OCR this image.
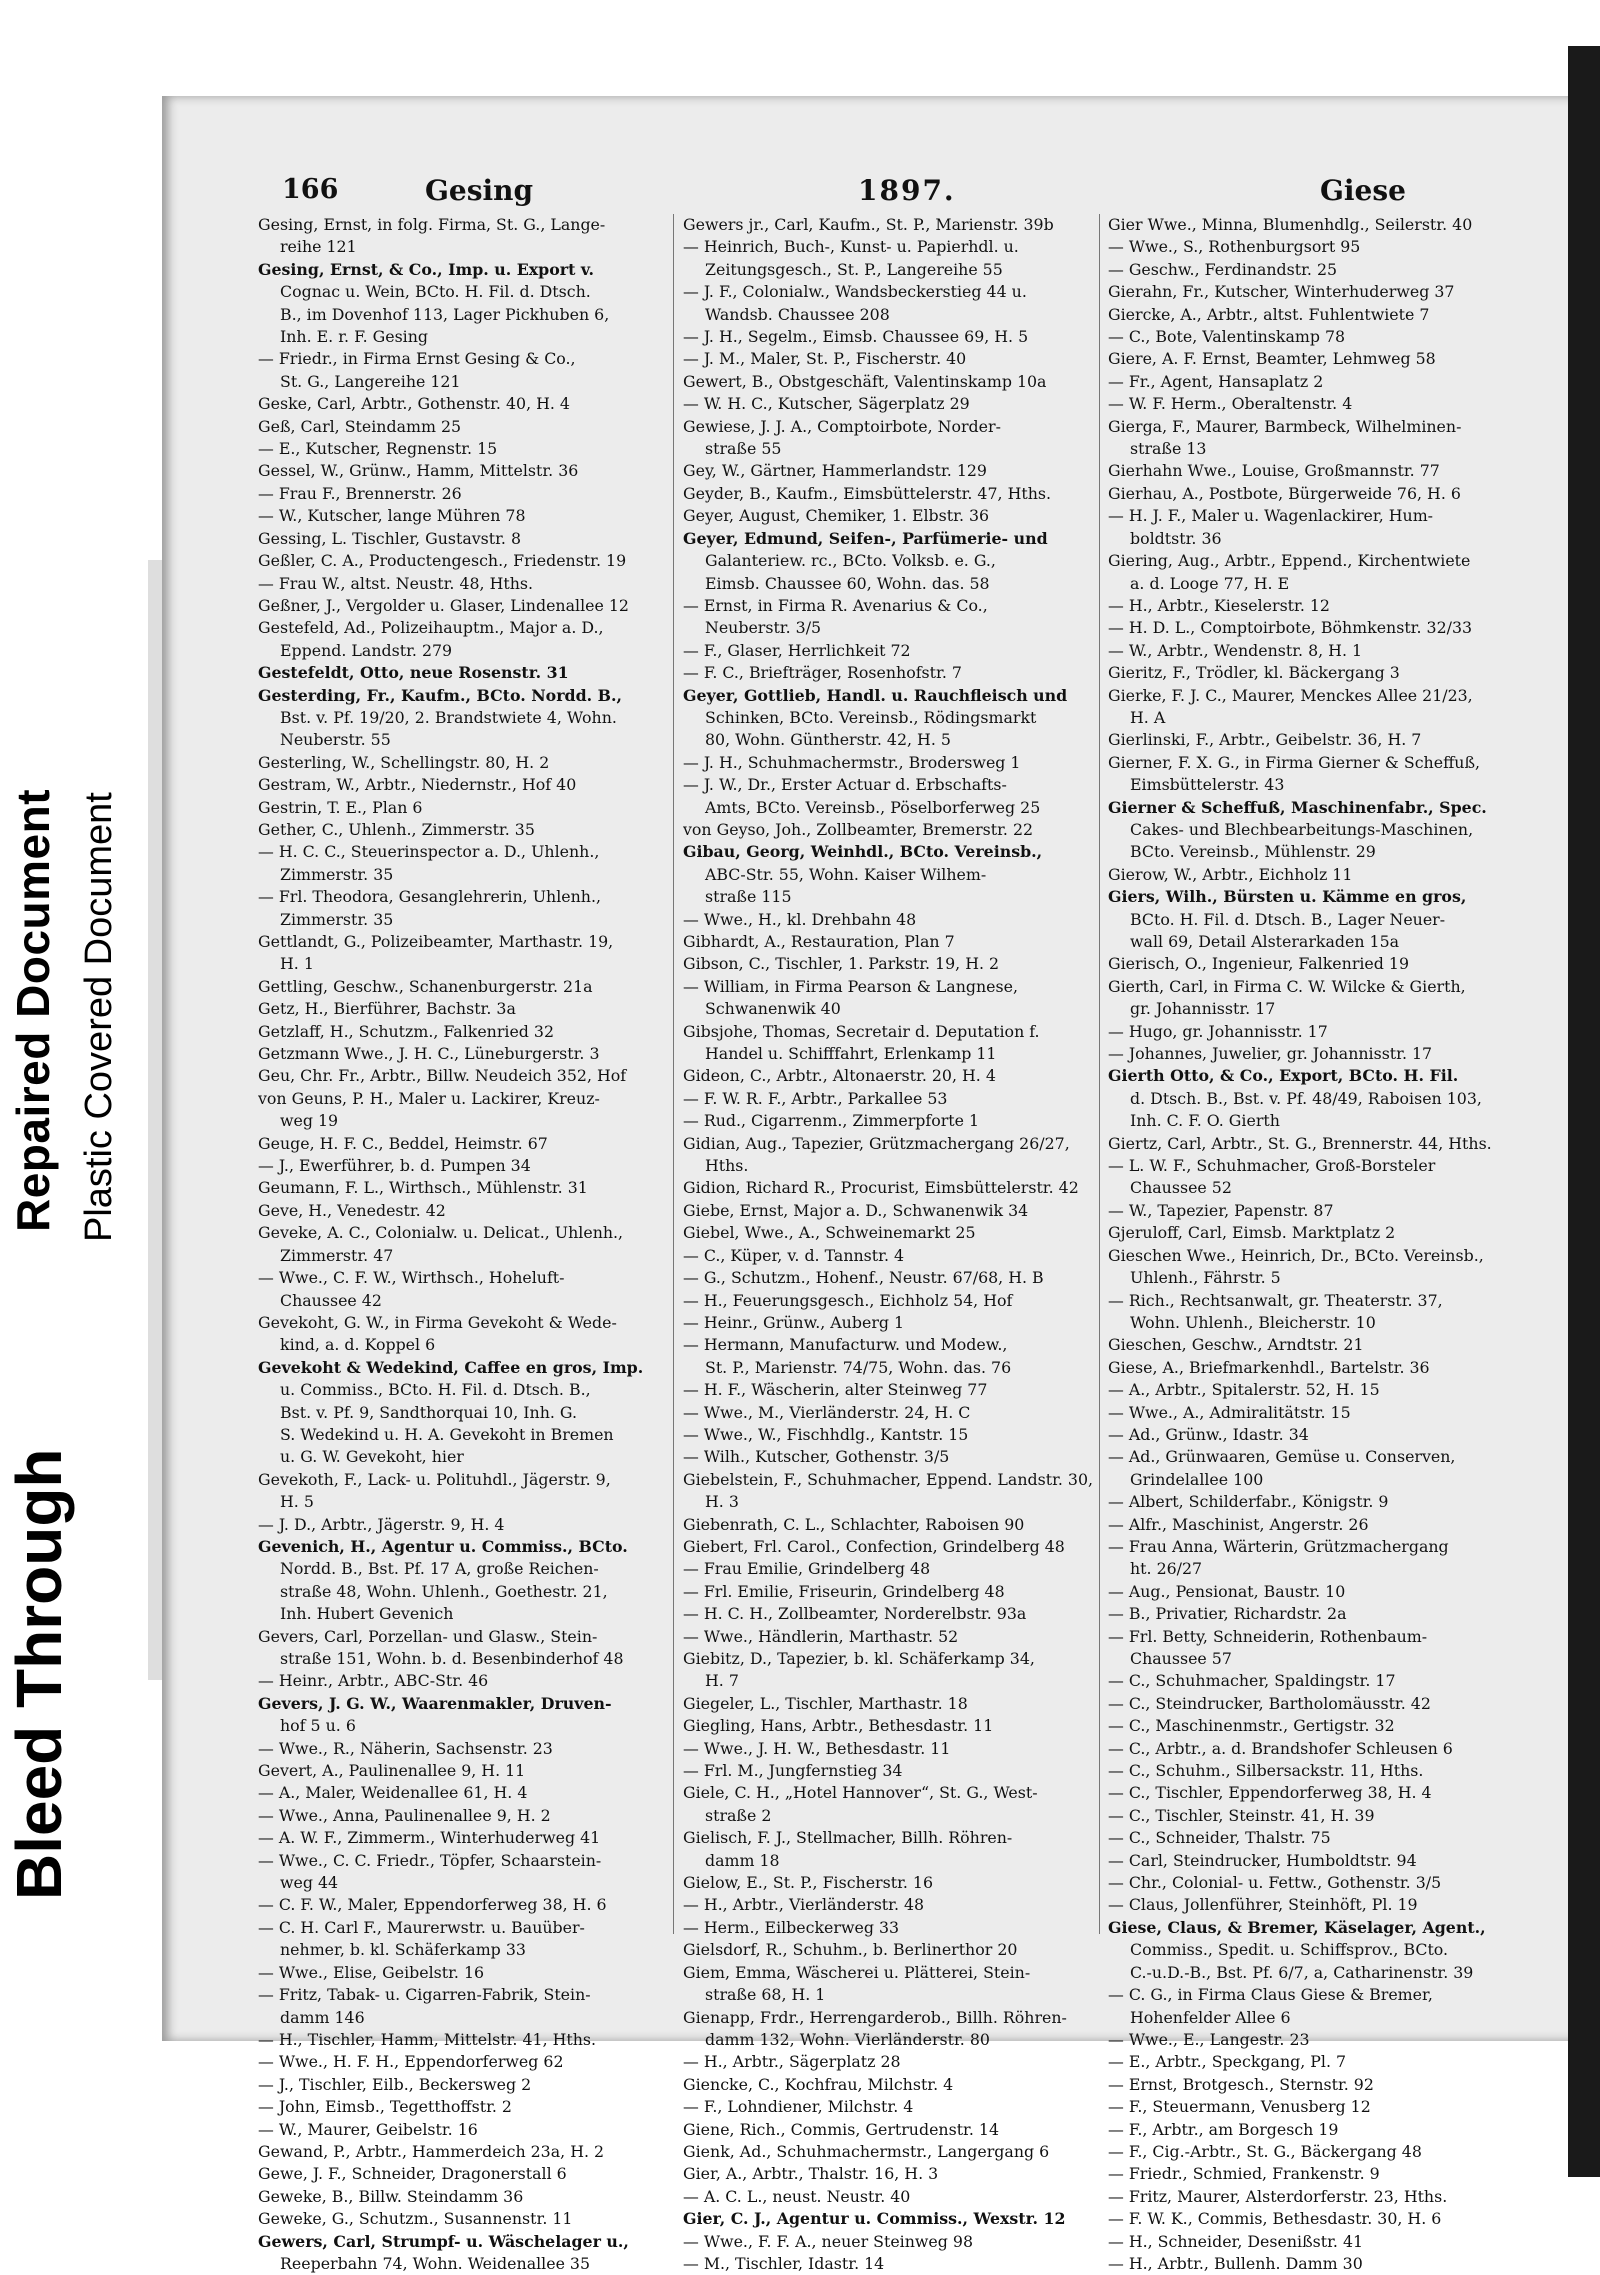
Bleed Through
Repaired Document Plastic Covered Document
166	Gesing	1897.	Giese
Gesing, Ernst, in folg. Firma, St. G., Lange-
reihe 121
Gesing, Ernst, & Co., Imp. u. Export v.
Cognac u. Wein, BCto. H. Fil. d. Dtsch.
B., im Dovenhof 113, Lager Pickhuben 6,
Inh. E. r. F. Gesing
— Friedr., in Firma Ernst Gesing & Co.,
St. G., Langereihe 121
Geske, Carl, Arbtr., Gothenstr. 40, H. 4
Geß, Carl, Steindamm 25
— E., Kutscher, Regnenstr. 15
Gessel, W., Grünw., Hamm, Mittelstr. 36
— Frau F., Brennerstr. 26
— W., Kutscher, lange Mühren 78
Gessing, L. Tischler, Gustavstr. 8
Geßler, C. A., Productengesch., Friedenstr. 19
— Frau W., altst. Neustr. 48, Hths.
Geßner, J., Vergolder u. Glaser, Lindenallee 12
Gestefeld, Ad., Polizeihauptm., Major a. D.,
Eppend. Landstr. 279
Gestefeldt, Otto, neue Rosenstr. 31
Gesterding, Fr., Kaufm., BCto. Nordd. B.,
Bst. v. Pf. 19/20, 2. Brandstwiete 4, Wohn.
Neuberstr. 55
Gesterling, W., Schellingstr. 80, H. 2
Gestram, W., Arbtr., Niedernstr., Hof 40
Gestrin, T. E., Plan 6
Gether, C., Uhlenh., Zimmerstr. 35
— H. C. C., Steuerinspector a. D., Uhlenh.,
Zimmerstr. 35
— Frl. Theodora, Gesanglehrerin, Uhlenh.,
Zimmerstr. 35
Gettlandt, G., Polizeibeamter, Marthastr. 19,
H. 1
Gettling, Geschw., Schanenburgerstr. 21a
Getz, H., Bierführer, Bachstr. 3a
Getzlaff, H., Schutzm., Falkenried 32
Getzmann Wwe., J. H. C., Lüneburgerstr. 3
Geu, Chr. Fr., Arbtr., Billw. Neudeich 352, Hof
von Geuns, P. H., Maler u. Lackirer, Kreuz-
weg 19
Geuge, H. F. C., Beddel, Heimstr. 67
— J., Ewerführer, b. d. Pumpen 34
Geumann, F. L., Wirthsch., Mühlenstr. 31
Geve, H., Venedestr. 42
Geveke, A. C., Colonialw. u. Delicat., Uhlenh.,
Zimmerstr. 47
— Wwe., C. F. W., Wirthsch., Hoheluft-
Chaussee 42
Gevekoht, G. W., in Firma Gevekoht & Wede-
kind, a. d. Koppel 6
Gevekoht & Wedekind, Caffee en gros, Imp.
u. Commiss., BCto. H. Fil. d. Dtsch. B.,
Bst. v. Pf. 9, Sandthorquai 10, Inh. G.
S. Wedekind u. H. A. Gevekoht in Bremen
u. G. W. Gevekoht, hier
Gevekoth, F., Lack- u. Polituhdl., Jägerstr. 9,
H. 5
— J. D., Arbtr., Jägerstr. 9, H. 4
Gevenich, H., Agentur u. Commiss., BCto.
Nordd. B., Bst. Pf. 17 A, große Reichen-
straße 48, Wohn. Uhlenh., Goethestr. 21,
Inh. Hubert Gevenich
Gevers, Carl, Porzellan- und Glasw., Stein-
straße 151, Wohn. b. d. Besenbinderhof 48
— Heinr., Arbtr., ABC-Str. 46
Gevers, J. G. W., Waarenmakler, Druven-
hof 5 u. 6
— Wwe., R., Näherin, Sachsenstr. 23
Gevert, A., Paulinenallee 9, H. 11
— A., Maler, Weidenallee 61, H. 4
— Wwe., Anna, Paulinenallee 9, H. 2
— A. W. F., Zimmerm., Winterhuderweg 41
— Wwe., C. C. Friedr., Töpfer, Schaarstein-
weg 44
— C. F. W., Maler, Eppendorferweg 38, H. 6
— C. H. Carl F., Maurerwstr. u. Bauüber-
nehmer, b. kl. Schäferkamp 33
— Wwe., Elise, Geibelstr. 16
— Fritz, Tabak- u. Cigarren-Fabrik, Stein-
damm 146
— H., Tischler, Hamm, Mittelstr. 41, Hths.
— Wwe., H. F. H., Eppendorferweg 62
— J., Tischler, Eilb., Beckersweg 2
— John, Eimsb., Tegetthoffstr. 2
— W., Maurer, Geibelstr. 16
Gewand, P., Arbtr., Hammerdeich 23a, H. 2
Gewe, J. F., Schneider, Dragonerstall 6
Geweke, B., Billw. Steindamm 36
Geweke, G., Schutzm., Susannenstr. 11
Gewers, Carl, Strumpf- u. Wäschelager u.,
Reeperbahn 74, Wohn. Weidenallee 35
Gewers jr., Carl, Kaufm., St. P., Marienstr. 39b
— Heinrich, Buch-, Kunst- u. Papierhdl. u.
Zeitungsgesch., St. P., Langereihe 55
— J. F., Colonialw., Wandsbeckerstieg 44 u.
Wandsb. Chaussee 208
— J. H., Segelm., Eimsb. Chaussee 69, H. 5
— J. M., Maler, St. P., Fischerstr. 40
Gewert, B., Obstgeschäft, Valentinskamp 10a
— W. H. C., Kutscher, Sägerplatz 29
Gewiese, J. J. A., Comptoirbote, Norder-
straße 55
Gey, W., Gärtner, Hammerlandstr. 129
Geyder, B., Kaufm., Eimsbüttelerstr. 47, Hths.
Geyer, August, Chemiker, 1. Elbstr. 36
Geyer, Edmund, Seifen-, Parfümerie- und
Galanteriew. rc., BCto. Volksb. e. G.,
Eimsb. Chaussee 60, Wohn. das. 58
— Ernst, in Firma R. Avenarius & Co.,
Neuberstr. 3/5
— F., Glaser, Herrlichkeit 72
— F. C., Briefträger, Rosenhofstr. 7
Geyer, Gottlieb, Handl. u. Rauchfleisch und
Schinken, BCto. Vereinsb., Rödingsmarkt
80, Wohn. Güntherstr. 42, H. 5
— J. H., Schuhmachermstr., Brodersweg 1
— J. W., Dr., Erster Actuar d. Erbschafts-
Amts, BCto. Vereinsb., Pöselborferweg 25
von Geyso, Joh., Zollbeamter, Bremerstr. 22
Gibau, Georg, Weinhdl., BCto. Vereinsb.,
ABC-Str. 55, Wohn. Kaiser Wilhem-
straße 115
— Wwe., H., kl. Drehbahn 48
Gibhardt, A., Restauration, Plan 7
Gibson, C., Tischler, 1. Parkstr. 19, H. 2
— William, in Firma Pearson & Langnese,
Schwanenwik 40
Gibsjohe, Thomas, Secretair d. Deputation f.
Handel u. Schifffahrt, Erlenkamp 11
Gideon, C., Arbtr., Altonaerstr. 20, H. 4
— F. W. R. F., Arbtr., Parkallee 53
— Rud., Cigarrenm., Zimmerpforte 1
Gidian, Aug., Tapezier, Grützmachergang 26/27,
Hths.
Gidion, Richard R., Procurist, Eimsbüttelerstr. 42
Giebe, Ernst, Major a. D., Schwanenwik 34
Giebel, Wwe., A., Schweinemarkt 25
— C., Küper, v. d. Tannstr. 4
— G., Schutzm., Hohenf., Neustr. 67/68, H. B
— H., Feuerungsgesch., Eichholz 54, Hof
— Heinr., Grünw., Auberg 1
— Hermann, Manufacturw. und Modew.,
St. P., Marienstr. 74/75, Wohn. das. 76
— H. F., Wäscherin, alter Steinweg 77
— Wwe., M., Vierländerstr. 24, H. C
— Wwe., W., Fischhdlg., Kantstr. 15
— Wilh., Kutscher, Gothenstr. 3/5
Giebelstein, F., Schuhmacher, Eppend. Landstr. 30,
H. 3
Giebenrath, C. L., Schlachter, Raboisen 90
Giebert, Frl. Carol., Confection, Grindelberg 48
— Frau Emilie, Grindelberg 48
— Frl. Emilie, Friseurin, Grindelberg 48
— H. C. H., Zollbeamter, Norderelbstr. 93a
— Wwe., Händlerin, Marthastr. 52
Giebitz, D., Tapezier, b. kl. Schäferkamp 34,
H. 7
Giegeler, L., Tischler, Marthastr. 18
Giegling, Hans, Arbtr., Bethesdastr. 11
— Wwe., J. H. W., Bethesdastr. 11
— Frl. M., Jungfernstieg 34
Giele, C. H., „Hotel Hannover“, St. G., West-
straße 2
Gielisch, F. J., Stellmacher, Billh. Röhren-
damm 18
Gielow, E., St. P., Fischerstr. 16
— H., Arbtr., Vierländerstr. 48
— Herm., Eilbeckerweg 33
Gielsdorf, R., Schuhm., b. Berlinerthor 20
Giem, Emma, Wäscherei u. Plätterei, Stein-
straße 68, H. 1
Gienapp, Frdr., Herrengarderob., Billh. Röhren-
damm 132, Wohn. Vierländerstr. 80
— H., Arbtr., Sägerplatz 28
Giencke, C., Kochfrau, Milchstr. 4
— F., Lohndiener, Milchstr. 4
Giene, Rich., Commis, Gertrudenstr. 14
Gienk, Ad., Schuhmachermstr., Langergang 6
Gier, A., Arbtr., Thalstr. 16, H. 3
— A. C. L., neust. Neustr. 40
Gier, C. J., Agentur u. Commiss., Wexstr. 12
— Wwe., F. F. A., neuer Steinweg 98
— M., Tischler, Idastr. 14
Gier Wwe., Minna, Blumenhdlg., Seilerstr. 40
— Wwe., S., Rothenburgsort 95
— Geschw., Ferdinandstr. 25
Gierahn, Fr., Kutscher, Winterhuderweg 37
Giercke, A., Arbtr., altst. Fuhlentwiete 7
— C., Bote, Valentinskamp 78
Giere, A. F. Ernst, Beamter, Lehmweg 58
— Fr., Agent, Hansaplatz 2
— W. F. Herm., Oberaltenstr. 4
Gierga, F., Maurer, Barmbeck, Wilhelminen-
straße 13
Gierhahn Wwe., Louise, Großmannstr. 77
Gierhau, A., Postbote, Bürgerweide 76, H. 6
— H. J. F., Maler u. Wagenlackirer, Hum-
boldtstr. 36
Giering, Aug., Arbtr., Eppend., Kirchentwiete
a. d. Looge 77, H. E
— H., Arbtr., Kieselerstr. 12
— H. D. L., Comptoirbote, Böhmkenstr. 32/33
— W., Arbtr., Wendenstr. 8, H. 1
Gieritz, F., Trödler, kl. Bäckergang 3
Gierke, F. J. C., Maurer, Menckes Allee 21/23,
H. A
Gierlinski, F., Arbtr., Geibelstr. 36, H. 7
Gierner, F. X. G., in Firma Gierner & Scheffuß,
Eimsbüttelerstr. 43
Gierner & Scheffuß, Maschinenfabr., Spec.
Cakes- und Blechbearbeitungs-Maschinen,
BCto. Vereinsb., Mühlenstr. 29
Gierow, W., Arbtr., Eichholz 11
Giers, Wilh., Bürsten u. Kämme en gros,
BCto. H. Fil. d. Dtsch. B., Lager Neuer-
wall 69, Detail Alsterarkaden 15a
Gierisch, O., Ingenieur, Falkenried 19
Gierth, Carl, in Firma C. W. Wilcke & Gierth,
gr. Johannisstr. 17
— Hugo, gr. Johannisstr. 17
— Johannes, Juwelier, gr. Johannisstr. 17
Gierth Otto, & Co., Export, BCto. H. Fil.
d. Dtsch. B., Bst. v. Pf. 48/49, Raboisen 103,
Inh. C. F. O. Gierth
Giertz, Carl, Arbtr., St. G., Brennerstr. 44, Hths.
— L. W. F., Schuhmacher, Groß-Borsteler
Chaussee 52
— W., Tapezier, Papenstr. 87
Gjeruloff, Carl, Eimsb. Marktplatz 2
Gieschen Wwe., Heinrich, Dr., BCto. Vereinsb.,
Uhlenh., Fährstr. 5
— Rich., Rechtsanwalt, gr. Theaterstr. 37,
Wohn. Uhlenh., Bleicherstr. 10
Gieschen, Geschw., Arndtstr. 21
Giese, A., Briefmarkenhdl., Bartelstr. 36
— A., Arbtr., Spitalerstr. 52, H. 15
— Wwe., A., Admiralitätstr. 15
— Ad., Grünw., Idastr. 34
— Ad., Grünwaaren, Gemüse u. Conserven,
Grindelallee 100
— Albert, Schilderfabr., Königstr. 9
— Alfr., Maschinist, Angerstr. 26
— Frau Anna, Wärterin, Grützmachergang
ht. 26/27
— Aug., Pensionat, Baustr. 10
— B., Privatier, Richardstr. 2a
— Frl. Betty, Schneiderin, Rothenbaum-
Chaussee 57
— C., Schuhmacher, Spaldingstr. 17
— C., Steindrucker, Bartholomäusstr. 42
— C., Maschinenmstr., Gertigstr. 32
— C., Arbtr., a. d. Brandshofer Schleusen 6
— C., Schuhm., Silbersackstr. 11, Hths.
— C., Tischler, Eppendorferweg 38, H. 4
— C., Tischler, Steinstr. 41, H. 39
— C., Schneider, Thalstr. 75
— Carl, Steindrucker, Humboldtstr. 94
— Chr., Colonial- u. Fettw., Gothenstr. 3/5
— Claus, Jollenführer, Steinhöft, Pl. 19
Giese, Claus, & Bremer, Käselager, Agent.,
Commiss., Spedit. u. Schiffsprov., BCto.
C.-u.D.-B., Bst. Pf. 6/7, a, Catharinenstr. 39
— C. G., in Firma Claus Giese & Bremer,
Hohenfelder Allee 6
— Wwe., E., Langestr. 23
— E., Arbtr., Speckgang, Pl. 7
— Ernst, Brotgesch., Sternstr. 92
— F., Steuermann, Venusberg 12
— F., Arbtr., am Borgesch 19
— F., Cig.-Arbtr., St. G., Bäckergang 48
— Friedr., Schmied, Frankenstr. 9
— Fritz, Maurer, Alsterdorferstr. 23, Hths.
— F. W. K., Commis, Bethesdastr. 30, H. 6
— H., Schneider, Desenißstr. 41
— H., Arbtr., Bullenh. Damm 30
